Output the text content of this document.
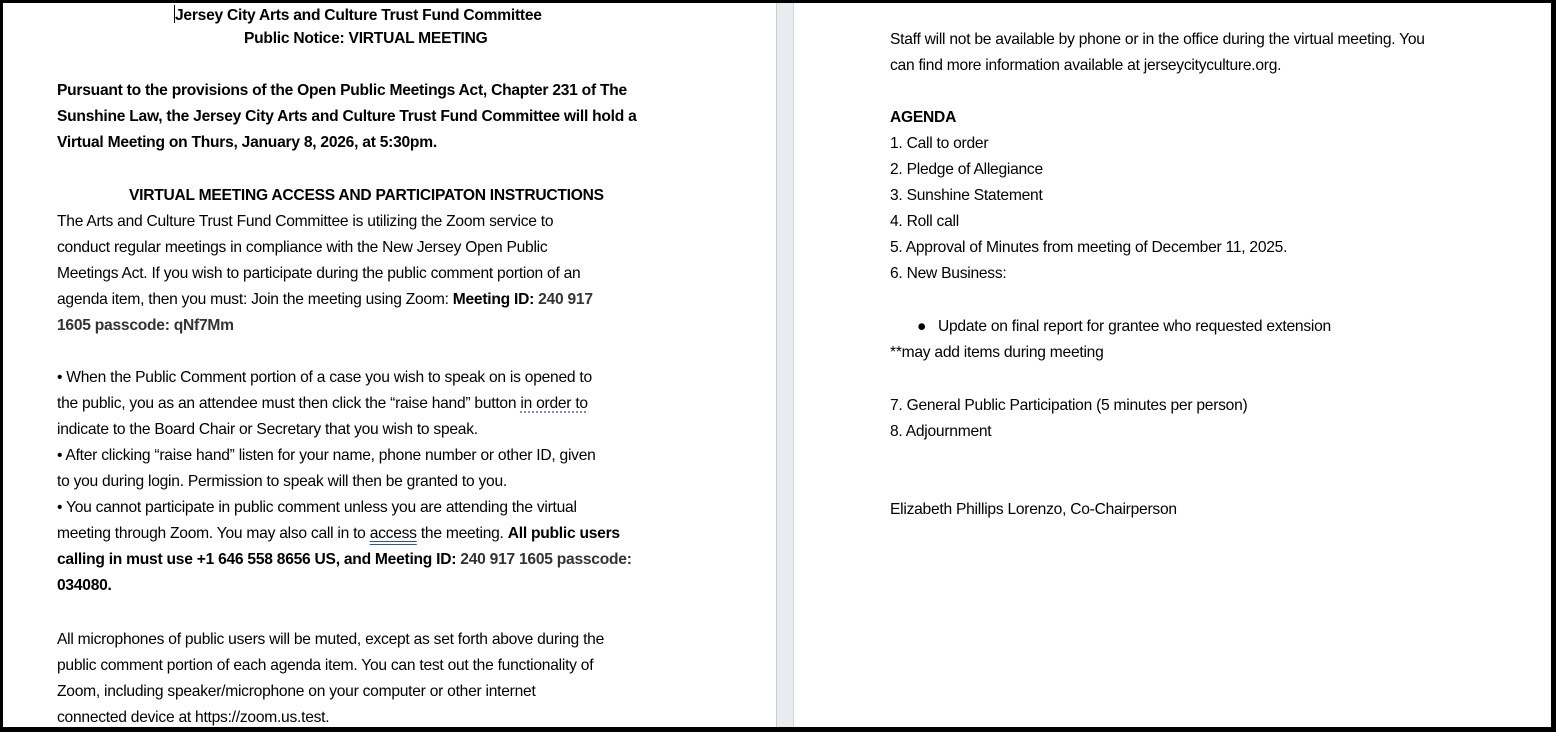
Jersey City Arts and Culture Trust Fund Committee
Public Notice: VIRTUAL MEETING
Pursuant to the provisions of the Open Public Meetings Act, Chapter 231 of The
Sunshine Law, the Jersey City Arts and Culture Trust Fund Committee will hold a
Virtual Meeting on Thurs, January 8, 2026, at 5:30pm.
VIRTUAL MEETING ACCESS AND PARTICIPATON INSTRUCTIONS
The Arts and Culture Trust Fund Committee is utilizing the Zoom service to
conduct regular meetings in compliance with the New Jersey Open Public
Meetings Act. If you wish to participate during the public comment portion of an
agenda item, then you must: Join the meeting using Zoom: Meeting ID: 240 917
1605 passcode: qNf7Mm
• When the Public Comment portion of a case you wish to speak on is opened to
the public, you as an attendee must then click the “raise hand” button in order to
indicate to the Board Chair or Secretary that you wish to speak.
• After clicking “raise hand” listen for your name, phone number or other ID, given
to you during login. Permission to speak will then be granted to you.
• You cannot participate in public comment unless you are attending the virtual
meeting through Zoom. You may also call in to access the meeting. All public users
calling in must use +1 646 558 8656 US, and Meeting ID: 240 917 1605 passcode:
034080.
All microphones of public users will be muted, except as set forth above during the
public comment portion of each agenda item. You can test out the functionality of
Zoom, including speaker/microphone on your computer or other internet
connected device at https://zoom.us.test.
Staff will not be available by phone or in the office during the virtual meeting. You
can find more information available at jerseycityculture.org.
AGENDA
1. Call to order
2. Pledge of Allegiance
3. Sunshine Statement
4. Roll call
5. Approval of Minutes from meeting of December 11, 2025.
6. New Business:
● Update on final report for grantee who requested extension
**may add items during meeting
7. General Public Participation (5 minutes per person)
8. Adjournment
Elizabeth Phillips Lorenzo, Co-Chairperson
